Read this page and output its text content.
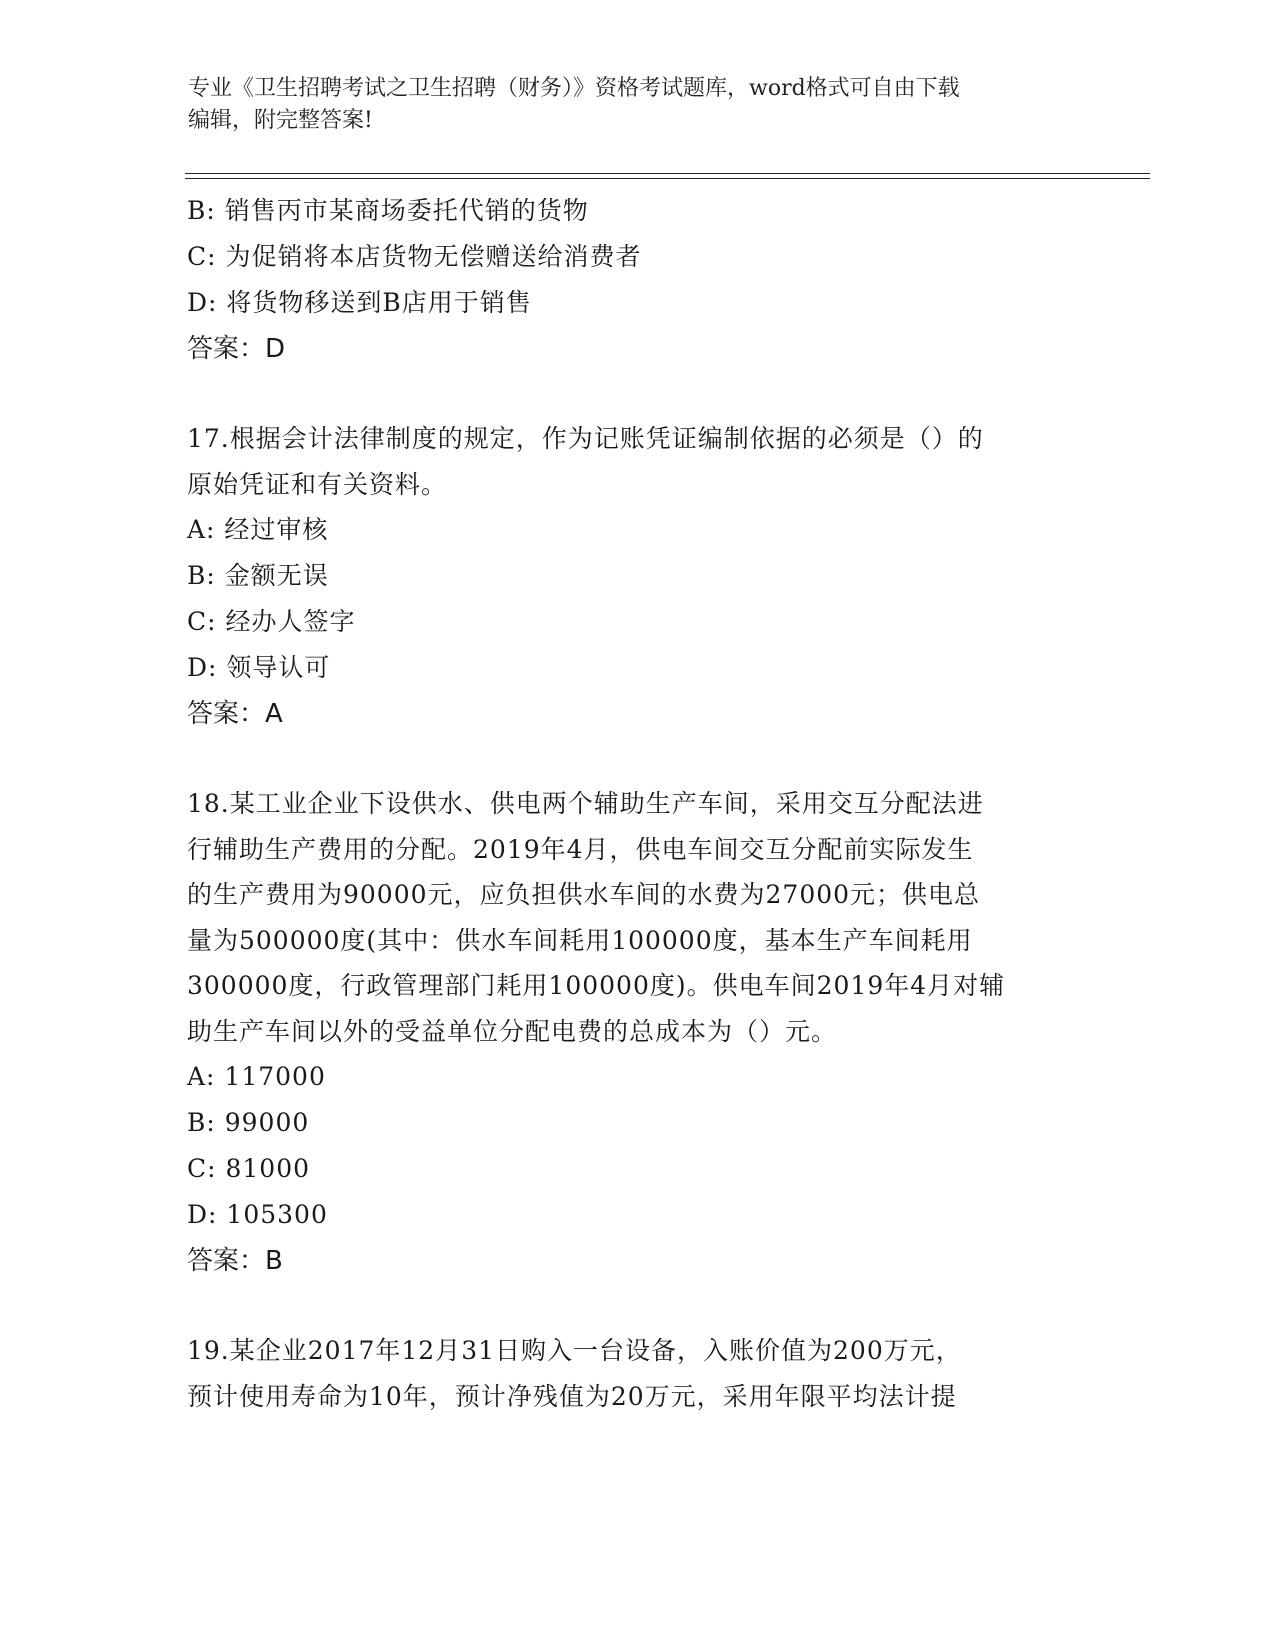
专业《卫生招聘考试之卫生招聘（财务）》资格考试题库，word格式可自由下载
编辑，附完整答案!
B: 销售丙市某商场委托代销的货物
C: 为促销将本店货物无偿赠送给消费者
D: 将货物移送到B店用于销售
答案：D
17.根据会计法律制度的规定，作为记账凭证编制依据的必须是（）的
原始凭证和有关资料。
A: 经过审核
B: 金额无误
C: 经办人签字
D: 领导认可
答案：A
18.某工业企业下设供水、供电两个辅助生产车间，采用交互分配法进
行辅助生产费用的分配。2019年4月，供电车间交互分配前实际发生
的生产费用为90000元，应负担供水车间的水费为27000元；供电总
量为500000度(其中：供水车间耗用100000度，基本生产车间耗用
300000度，行政管理部门耗用100000度)。供电车间2019年4月对辅
助生产车间以外的受益单位分配电费的总成本为（）元。
A: 117000
B: 99000
C: 81000
D: 105300
答案：B
19.某企业2017年12月31日购入一台设备，入账价值为200万元，
预计使用寿命为10年，预计净残值为20万元，采用年限平均法计提
